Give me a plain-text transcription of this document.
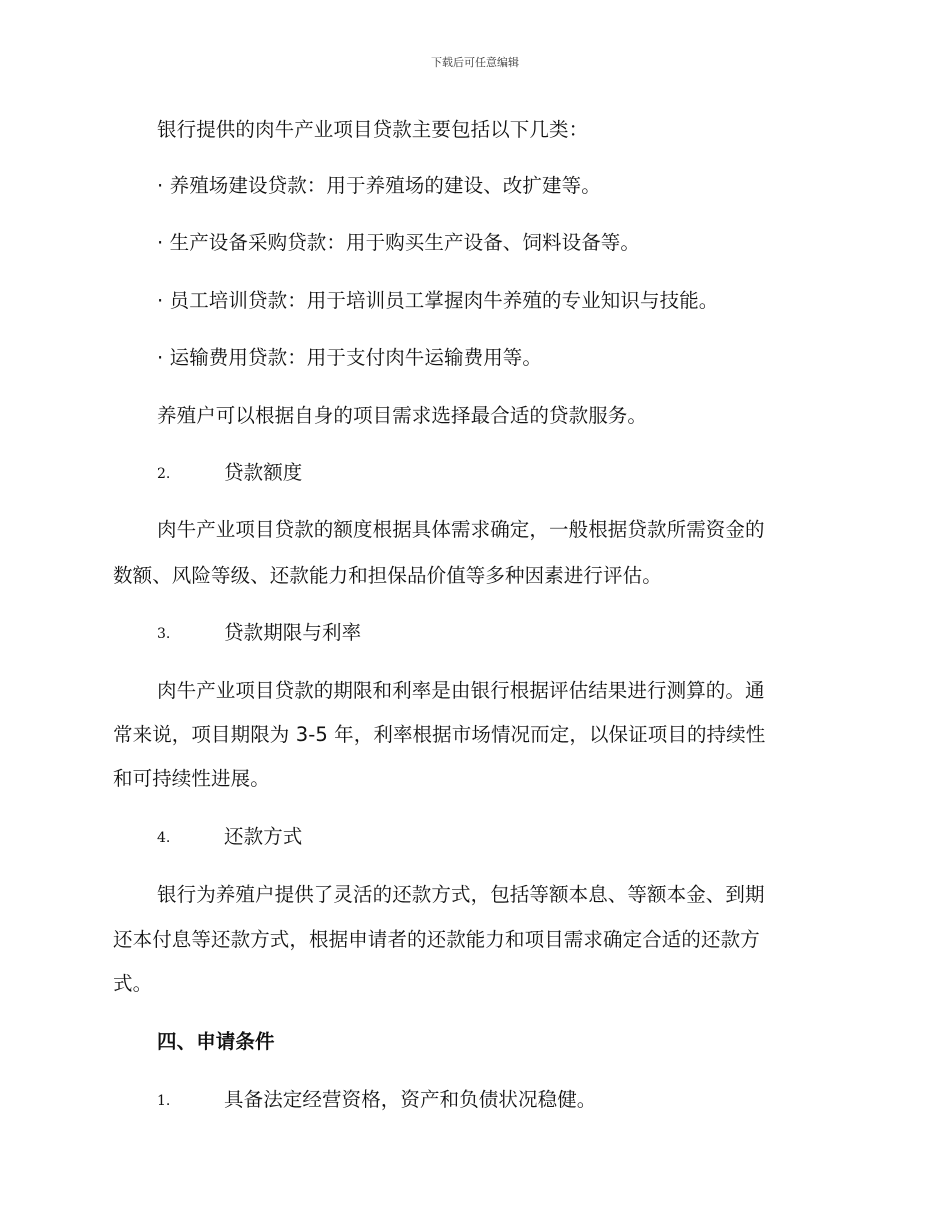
下载后可任意编辑
银行提供的肉牛产业项目贷款主要包括以下几类：
· 养殖场建设贷款：用于养殖场的建设、改扩建等。
· 生产设备采购贷款：用于购买生产设备、饲料设备等。
· 员工培训贷款：用于培训员工掌握肉牛养殖的专业知识与技能。
· 运输费用贷款：用于支付肉牛运输费用等。
养殖户可以根据自身的项目需求选择最合适的贷款服务。
2.	贷款额度
肉牛产业项目贷款的额度根据具体需求确定，一般根据贷款所需资金的
数额、风险等级、还款能力和担保品价值等多种因素进行评估。
3.	贷款期限与利率
肉牛产业项目贷款的期限和利率是由银行根据评估结果进行测算的。通
常来说，项目期限为 3-5 年，利率根据市场情况而定，以保证项目的持续性
和可持续性进展。
4.	还款方式
银行为养殖户提供了灵活的还款方式，包括等额本息、等额本金、到期
还本付息等还款方式，根据申请者的还款能力和项目需求确定合适的还款方
式。
四、申请条件
1.	具备法定经营资格，资产和负债状况稳健。
